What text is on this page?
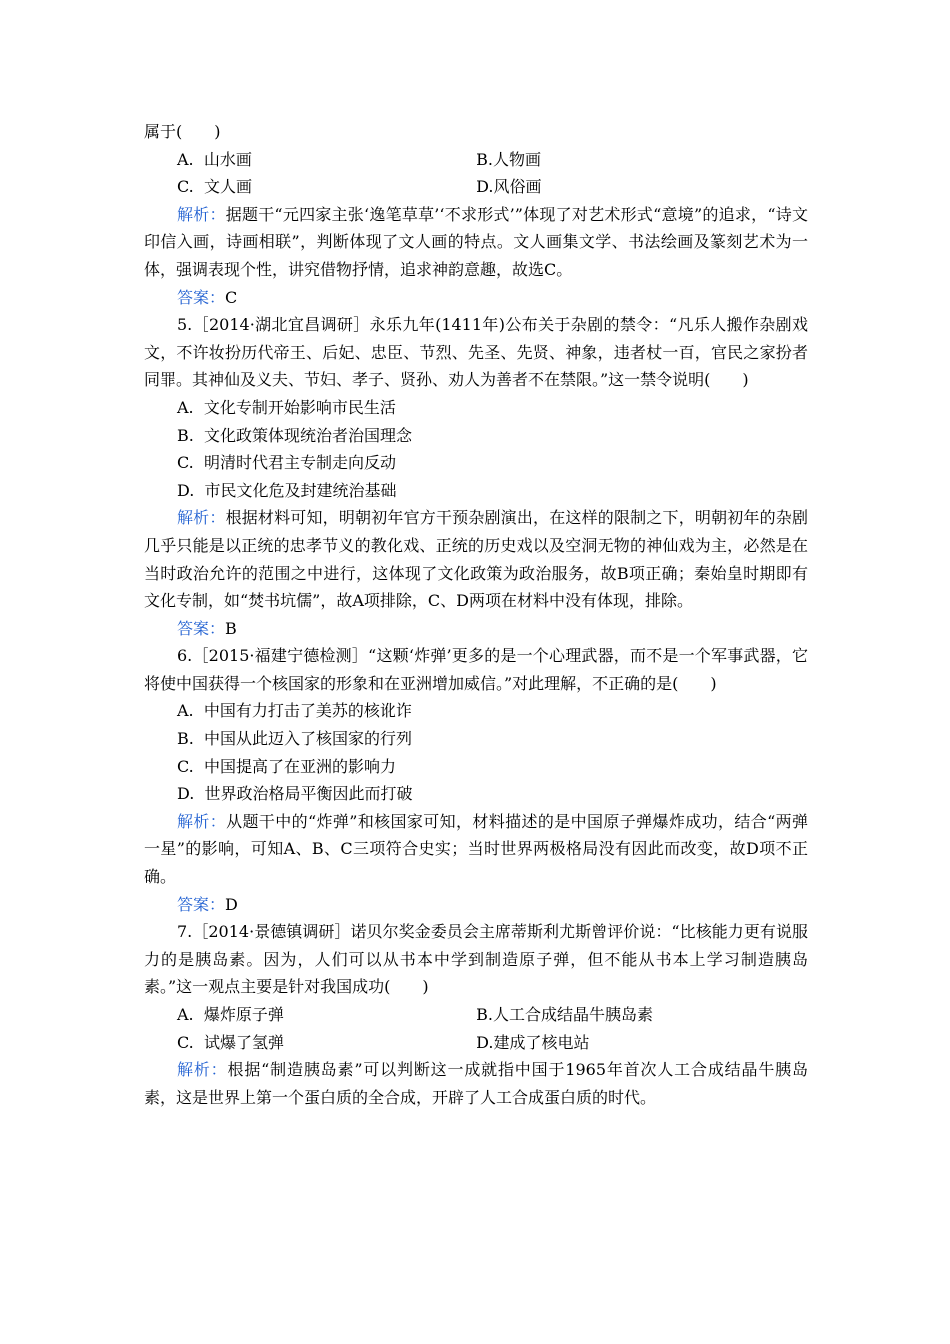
属于(　　)
A. 山水画	B.人物画
C. 文人画	D.风俗画

解析：据题干“元四家主张‘逸笔草草’‘不求形式’”体现了对艺术形式“意境”的追求，“诗文印信入画，诗画相联”，判断体现了文人画的特点。文人画集文学、书法绘画及篆刻艺术为一体，强调表现个性，讲究借物抒情，追求神韵意趣，故选C。

答案：C

5.［2014·湖北宜昌调研］永乐九年(1411年)公布关于杂剧的禁令：“凡乐人搬作杂剧戏文，不许妆扮历代帝王、后妃、忠臣、节烈、先圣、先贤、神象，违者杖一百，官民之家扮者同罪。其神仙及义夫、节妇、孝子、贤孙、劝人为善者不在禁限。”这一禁令说明(　　)

A. 文化专制开始影响市民生活
B. 文化政策体现统治者治国理念
C. 明清时代君主专制走向反动
D. 市民文化危及封建统治基础

解析：根据材料可知，明朝初年官方干预杂剧演出，在这样的限制之下，明朝初年的杂剧几乎只能是以正统的忠孝节义的教化戏、正统的历史戏以及空洞无物的神仙戏为主，必然是在当时政治允许的范围之中进行，这体现了文化政策为政治服务，故B项正确；秦始皇时期即有文化专制，如“焚书坑儒”，故A项排除，C、D两项在材料中没有体现，排除。

答案：B

6.［2015·福建宁德检测］“这颗‘炸弹’更多的是一个心理武器，而不是一个军事武器，它将使中国获得一个核国家的形象和在亚洲增加威信。”对此理解，不正确的是(　　)

A. 中国有力打击了美苏的核讹诈
B. 中国从此迈入了核国家的行列
C. 中国提高了在亚洲的影响力
D. 世界政治格局平衡因此而打破

解析：从题干中的“炸弹”和核国家可知，材料描述的是中国原子弹爆炸成功，结合“两弹一星”的影响，可知A、B、C三项符合史实；当时世界两极格局没有因此而改变，故D项不正确。

答案：D

7.［2014·景德镇调研］诺贝尔奖金委员会主席蒂斯利尤斯曾评价说：“比核能力更有说服力的是胰岛素。因为，人们可以从书本中学到制造原子弹，但不能从书本上学习制造胰岛素。”这一观点主要是针对我国成功(　　)

A. 爆炸原子弹	B.人工合成结晶牛胰岛素
C. 试爆了氢弹	D.建成了核电站

解析：根据“制造胰岛素”可以判断这一成就指中国于1965年首次人工合成结晶牛胰岛素，这是世界上第一个蛋白质的全合成，开辟了人工合成蛋白质的时代。
